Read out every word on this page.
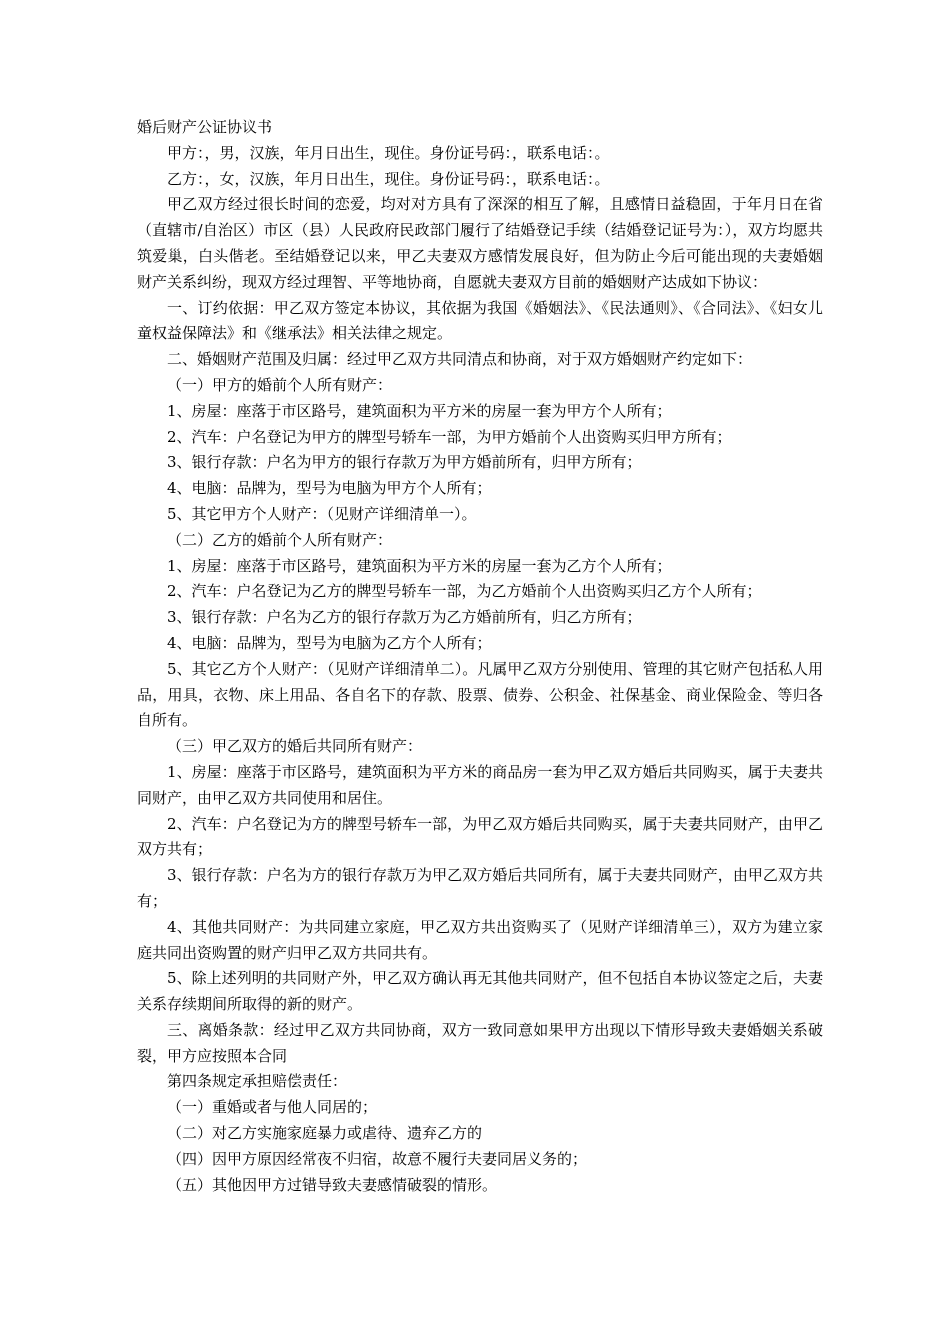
婚后财产公证协议书

甲方：，男，汉族，年月日出生，现住。身份证号码：，联系电话：。

乙方：，女，汉族，年月日出生，现住。身份证号码：，联系电话：。

甲乙双方经过很长时间的恋爱，均对对方具有了深深的相互了解，且感情日益稳固，于年月日在省（直辖市/自治区）市区（县）人民政府民政部门履行了结婚登记手续（结婚登记证号为：），双方均愿共筑爱巢，白头偕老。至结婚登记以来，甲乙夫妻双方感情发展良好，但为防止今后可能出现的夫妻婚姻财产关系纠纷，现双方经过理智、平等地协商，自愿就夫妻双方目前的婚姻财产达成如下协议：

一、订约依据：甲乙双方签定本协议，其依据为我国《婚姻法》、《民法通则》、《合同法》、《妇女儿童权益保障法》和《继承法》相关法律之规定。

二、婚姻财产范围及归属：经过甲乙双方共同清点和协商，对于双方婚姻财产约定如下：

（一）甲方的婚前个人所有财产：

1、房屋：座落于市区路号，建筑面积为平方米的房屋一套为甲方个人所有；

2、汽车：户名登记为甲方的牌型号轿车一部，为甲方婚前个人出资购买归甲方所有；

3、银行存款：户名为甲方的银行存款万为甲方婚前所有，归甲方所有；

4、电脑：品牌为，型号为电脑为甲方个人所有；

5、其它甲方个人财产：（见财产详细清单一）。

（二）乙方的婚前个人所有财产：

1、房屋：座落于市区路号，建筑面积为平方米的房屋一套为乙方个人所有；

2、汽车：户名登记为乙方的牌型号轿车一部，为乙方婚前个人出资购买归乙方个人所有；

3、银行存款：户名为乙方的银行存款万为乙方婚前所有，归乙方所有；

4、电脑：品牌为，型号为电脑为乙方个人所有；

5、其它乙方个人财产：（见财产详细清单二）。凡属甲乙双方分别使用、管理的其它财产包括私人用品，用具，衣物、床上用品、各自名下的存款、股票、债券、公积金、社保基金、商业保险金、等归各自所有。

（三）甲乙双方的婚后共同所有财产：

1、房屋：座落于市区路号，建筑面积为平方米的商品房一套为甲乙双方婚后共同购买，属于夫妻共同财产，由甲乙双方共同使用和居住。

2、汽车：户名登记为方的牌型号轿车一部，为甲乙双方婚后共同购买，属于夫妻共同财产，由甲乙双方共有；

3、银行存款：户名为方的银行存款万为甲乙双方婚后共同所有，属于夫妻共同财产，由甲乙双方共有；

4、其他共同财产：为共同建立家庭，甲乙双方共出资购买了（见财产详细清单三），双方为建立家庭共同出资购置的财产归甲乙双方共同共有。

5、除上述列明的共同财产外，甲乙双方确认再无其他共同财产，但不包括自本协议签定之后，夫妻关系存续期间所取得的新的财产。

三、离婚条款：经过甲乙双方共同协商，双方一致同意如果甲方出现以下情形导致夫妻婚姻关系破裂，甲方应按照本合同

第四条规定承担赔偿责任：

（一）重婚或者与他人同居的；

（二）对乙方实施家庭暴力或虐待、遗弃乙方的

（四）因甲方原因经常夜不归宿，故意不履行夫妻同居义务的；

（五）其他因甲方过错导致夫妻感情破裂的情形。
